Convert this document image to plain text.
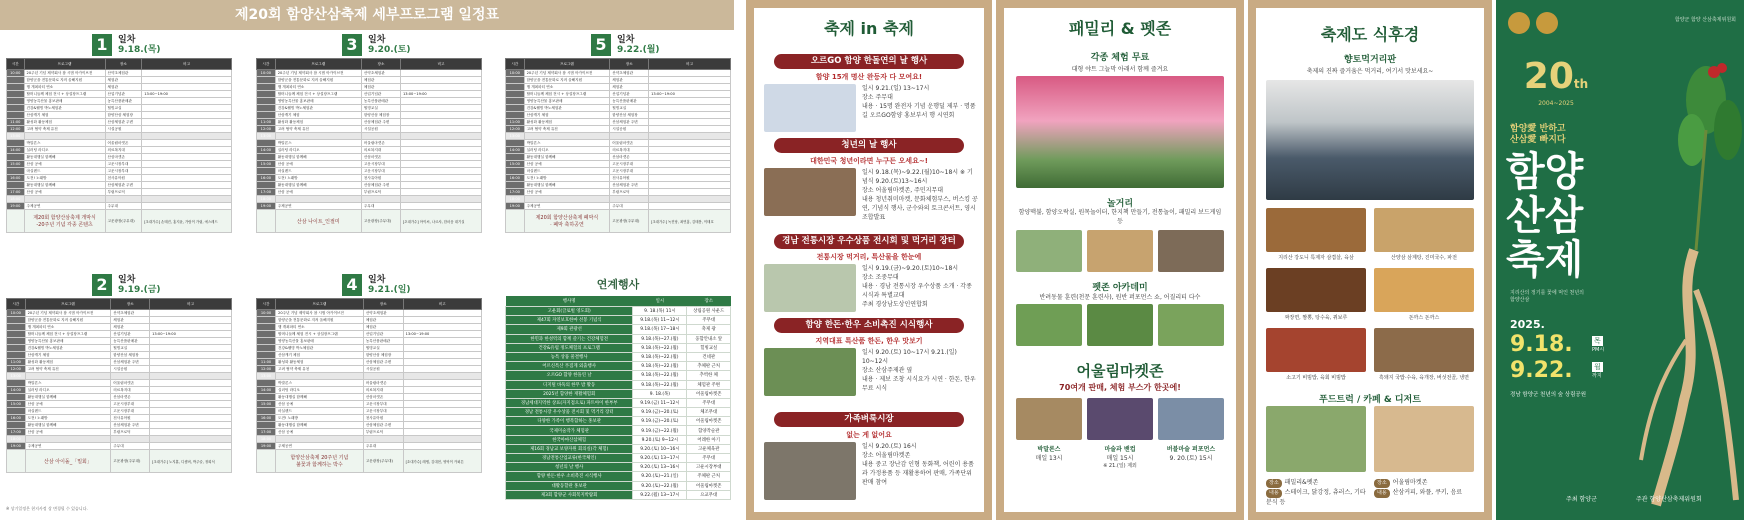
제20회 함양산삼축제 세부프로그램 일정표
1	일차
9.18.(목)
시간	프로그램	장소	비고
10:00	20주년 기념 제약회사 참 시범 아카이브전	산약초체험관	
	함양군을 전통문화로 지켜 올해지원	체험관	
	행 개최파티 연소	체험관	
	할머니들께 체험 전시 + 상설장프그램	산업기념관	13:00~19:00
	영양농특산물 홍보판매	농특산품판매관	
	건강&웰빙 박노체험관	힐빙교실	
	산삼캐기 체험	함양산삼 체험장	
11:00	활성화 활동체험	산삼체험관 주변	
12:00	고려 협약 축제 유천	시설공원	
13:00			
	박말론스	어울림마켓존	
14:00	실러팅 라디오	의료복지대	
	활동대행실 함께해	산삼마켓존	
15:00	산삼 공예	고운시장부대	
	마실렌드	고운시장부대	
16:00	도전! 노래방	천사유아원	
	활동대행실 함께해	산삼체험관 주변	
17:00	산삼 공예	부림프로덕	
18:00			
19:00	주제공연	주무대	
	제20회 함양산삼축제 개막식
-20주년 기념 각종 콘텐츠	고운광장(주무대)	[초대가수] 손태진, 홍지윤, 가람이 가림, 에스레드
2	일차
9.19.(금)
시간	프로그램	장소	비고
10:00	20주년 기념 제약회사 참 시범 아카이브전	산약초체험관	
	함양군을 전통문화로 지켜 올해지원	체험관	
	행 개최파티 연소	체험관	
	할머니들께 체험 전시 + 상설장프그램	산업기념관	13:00~19:00
	영양농특산물 홍보판매	농특산품판매관	
	건강&웰빙 박노체험관	힐빙교실	
	산삼캐기 체험	함양산삼 체험장	
11:00	활성화 활동체험	산삼체험관 주변	
12:00	고려 협약 축제 유천	시설공원	
13:00			
	박말론스	어울림마켓존	
14:00	실러팅 라디오	의료복지대	
	활동대행실 함께해	산삼마켓존	
15:00	산삼 공예	고운시장부대	
	마실렌드	고운시장부대	
16:00	도전! 노래방	천사유아원	
	활동대행실 함께해	산삼체험관 주변	
17:00	산삼 공예	부림프로덕	
18:00			
19:00	주제공연	주무대	
	산삼 아이돌_「밀회」	고운광장(주무대)	[초대가수] 노지훈, 디셈버, 박주슬, 정희석
3	일차
9.20.(토)
시간	프로그램	장소	비고
10:00	20주년 기념 제약회사 참 시범 아카이브전	산약초체험관	
	함양군을 전통문화로 지켜 올해지원	체험관	
	행 개최파티 연소	체험관	
	할머니들께 체험 전시 + 상설장프그램	산업기념관	13:00~19:00
	영양농특산물 홍보판매	농특산품판매관	
	건강&웰빙 박노체험관	힐빙교실	
	산삼캐기 체험	함양산삼 체험장	
11:00	활성화 활동체험	산삼체험관 주변	
12:00	고려 협약 축제 유천	시설공원	
13:00			
	박말론스	어울림마켓존	
14:00	실러팅 라디오	의료복지대	
	활동대행실 함께해	산삼마켓존	
15:00	산삼 공예	고운시장부대	
	마실렌드	고운시장부대	
16:00	도전! 노래방	천사유아원	
	활동대행실 함께해	산삼체험관 주변	
17:00	산삼 공예	부림프로덕	
18:00			
19:00	주제공연	주무대	
	산삼 나이트_인절미	고운광장(주무대)	[초대가수] 아이씨, 나르샤, 한마음 대기실
4	일차
9.21.(일)
시간	프로그램	장소	비고
10:00	20주년 기념 제약회사 참 시범 아카이브전	산약초체험관	
	함양군을 전통문화로 지켜 올해지원	체험관	
	행 개최파티 연소	체험관	
	할머니들께 체험 전시 + 상설장프그램	산업기념관	13:00~19:00
	영양농특산물 홍보판매	농특산품판매관	
	건강&웰빙 박노체험관	힐빙교실	
	산삼캐기 체험	함양산삼 체험장	
11:00	활성화 활동체험	산삼체험관 주변	
12:00	고려 협약 축제 유천	시설공원	
13:00			
	박말론스	어울림마켓존	
14:00	실러팅 라디오	의료복지대	
	활동대행실 함께해	산삼마켓존	
15:00	산삼 공예	고운시장부대	
	마실렌드	고운시장부대	
16:00	도전! 노래방	천사유아원	
	활동대행실 함께해	산삼체험관 주변	
17:00	산삼 공예	부림프로덕	
18:00			
19:00	주제공연	주무대	
	함양산삼축제 20주년 기념
불꽃과 함께하는 박수	고운광장(주무대)	[초대가수] 레뎀, 김대현, 영탁이 카퍼튼
5	일차
9.22.(월)
시간	프로그램	장소	비고
10:00	20주년 기념 제약회사 참 시범 아카이브전	산약초체험관	
	함양군을 전통문화로 지켜 올해지원	체험관	
	행 개최파티 연소	체험관	
	할머니들께 체험 전시 + 상설장프그램	산업기념관	13:00~19:00
	영양농특산물 홍보판매	농특산품판매관	
	건강&웰빙 박노체험관	힐빙교실	
	산삼캐기 체험	함양산삼 체험장	
11:00	활성화 활동체험	산삼체험관 주변	
12:00	고려 협약 축제 유천	시설공원	
13:00			
	박말론스	어울림마켓존	
14:00	실러팅 라디오	의료복지대	
	활동대행실 함께해	산삼마켓존	
15:00	산삼 공예	고운시장부대	
	마실렌드	고운시장부대	
16:00	도전! 노래방	천사유아원	
	활동대행실 함께해	산삼체험관 주변	
17:00	산삼 공예	부림프로덕	
18:00			
19:00	주제공연	주무대	
	제20회 함양산삼축제 폐막식
· 폐막 축하공연	고운광장(주무대)	[초대가수] 녹진당, 최연홍, 김태봉, 이태호
연계행사
행사명	일시	장소
고운회(글로벌 영도회)	9. 18.(목) 11시	상림공원 사운드
제47회 자연보호한마 선봉 기념식	9.18.(목) 11~12시	주무대
제9회 관광선	9.18.(목) 17~18시	축제 광
한민과 한성역의 함께 즐기는 건강체험전	9.18.(목)~27.(월)	웅합안내소 앞
건강&유럽 정도체험의 프로그램	9.18.(목)~22.(월)	힐빙교실
농특 상품 물결행사	9.18.(목)~22.(월)	건네관
어르신특산 푸짐게 외출행사	9.18.(목)~22.(월)	추체판 근처
오르GO 함양 한돌연 날	9.18.(목)~22.(월)	추벽한 체
디지털 바둑의 한무 밤 활동	9.18.(목)~22.(월)	체험관 주변
2025년 함양한 재활체험회	9. 18.(목)	어울림마켓존
경남세대지역한 상표(자지점으로) 파트아이 한부부	9.19.(금) 11~12시	주무대
경남 전통시장 우수상품 전시회 및 먹거리 장터	9.19.(금)~20.(토)	체조무대
다양한 가족이 행복함하는 홍보관	9.19.(금)~20.(토)	어울림마켓존
국제미술작가 체험관	9.19.(금)~22.(월)	함양작술관
한국아마산삼체험	9.20.(토) 9~12시	어례한 아기
제16회 경남교 보양자원 회의실(각 체험)	9.20.(토) 10~16시	고운체육관
경남전통산업교류(한국체인)	9.20.(토) 13~17시	주무대
청년의 날 행사	9.20.(토) 13~16시	고운시장부대
함양 한돈·한우 소비촉진 시식행사	9.20.(토)~21.(일)	주체판 근처
대활동할관 홍보관	9.20.(토)~22.(월)	어울림마켓존
제3회 함양군 사회복지박람회	9.22.(월) 13~17시	으교무대
※ 상기일정은 현지사정 상 변경될 수 있습니다.
축제 in 축제
오르GO 함양 한돌연의 날 행사
함양 15개 명산 완등자 다 모여요!
일시 9.21.(일) 13~17시
장소 주무대
내용 · 15명 완전자 기념 운행딜 제부 · 명품길 오르GO함양 홍보부서 행 시연회
청년의 날 행사
대한민국 청년이라면 누구든 오세요~!
일시 9.18.(목)~9.22.(월)10~18시 ※ 기념식 9.20.(토)13~16시
장소 어울림마켓존, 주민지무대
내용 청년취미마켓, 문화체험부스, 버스킹 공연, 기념식 행사, 군수와의 토크콘서트, 영시조합발표
경남 전통시장 우수상품 전시회 및 먹거리 장터
전통시장 먹거리, 특산물을 한눈에
일시 9.19.(금)~9.20.(토)10~18시
장소 조중무대
내용 · 경남 전통시장 우수상품 소개 · 각종 시식과 특별교대
주최 경상남도상인연합회
함양 한돈·한우 소비촉진 시식행사
지역대표 특산품 한돈, 한우 맛보기
일시 9.20.(토) 10~17시 9.21.(일) 10~12시
장소 산삼주제관 옆
내용 · 제보 조창 시식요가 시연 · 한돈, 한우 무료 시식
가족벼룩시장
없는 게 없어요
일시 9.20.(토) 16시
장소 어울림마켓존
내용 중고 장난감 인형 동화책, 어린이 용품과 가정용품 등 재활용하여 판매, 가족단위 판매 참여
패밀리 & 펫존
각종 체험 무료
대형 야트 그늘막 아래서 함께 즐겨요
놀거리
함양맥불, 함양오락실, 원목놀이터, 한지책 만들기, 전통놀이, 패밀리 보드게임 등
펫존 아카데미
반려동물 훈련(천문 훈련사), 원반 퍼포먼스 쇼, 어질리티 다수
어울림마켓존
70여개 판매, 체험 부스가 한곳에!
박말론스
매일 13시
마술과 밴컵
매일 15시
※ 21.(일) 제외
버블마술 퍼포먼스
9. 20.(토) 15시
축제도 식후경
향토먹거리판
축제의 진짜 즐거움은 먹거리, 여기서 맛보세요~
지리산 강도니 특제자 삼겹살, 육삼	산양삼 삼계탕, 진미국수, 파전
짜장면, 짬뽕, 탕수육, 꿔보루	돈까스 돈까스
소고기 비빔밥, 육회 비빔밥	흑돼지 국밥·수육, 육개장, 버섯전골, 냉면
푸드트럭 / 카페 & 디저트
장소 패밀리&펫존
내용 스테이크, 닭강정, 츄러스, 기타 분식 등
장소 어울림마켓존
내용 산삼커피, 와플, 쿠키, 음료
함양군 함양 산삼축제위원회
20th
2004~2025
함양愛 반하고
산삼愛 빠지다
함양
산삼
축제
지리산의 정기를 꽃에 먹인 천년의 함양산삼
2025.
9.18.	목
PM시
9.22.	월
까지
경남 함양군 천년의 숲 상림공원
주최 함양군	주관 함양산삼축제위원회
